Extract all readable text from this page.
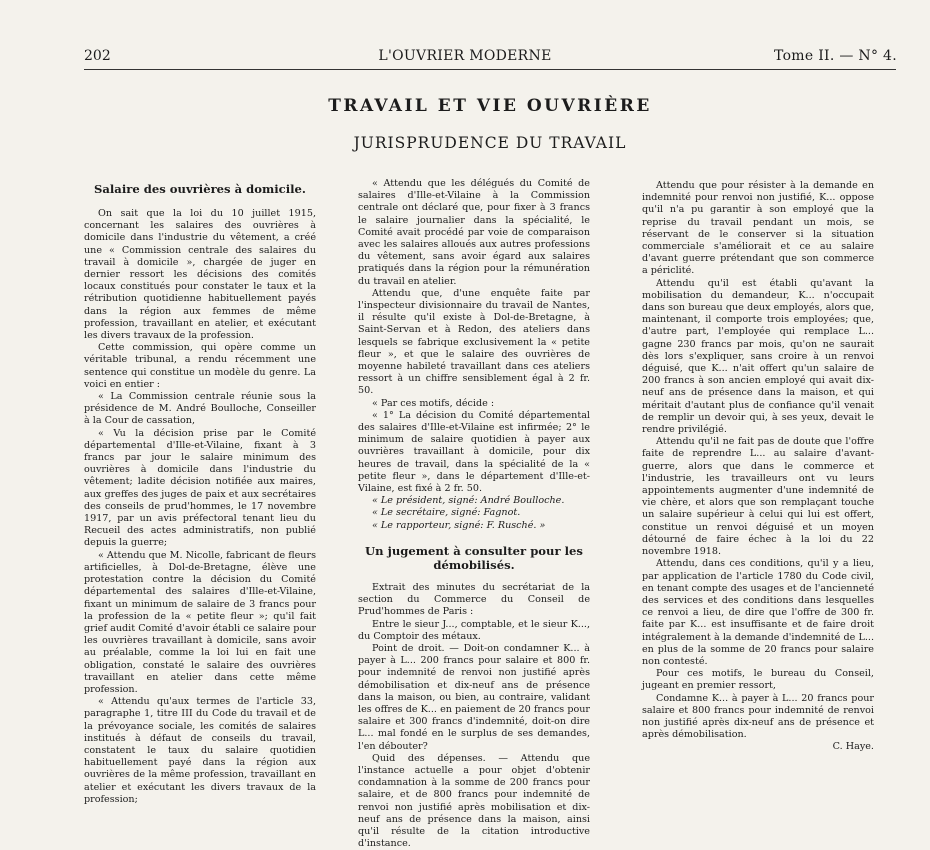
202	L'OUVRIER MODERNE	Tome II. — N° 4.
TRAVAIL ET VIE OUVRIÈRE
JURISPRUDENCE DU TRAVAIL
Salaire des ouvrières à domicile.

On sait que la loi du 10 juillet 1915, concernant les salaires des ouvrières à domicile dans l'industrie du vêtement, a créé une « Commission centrale des salaires du travail à domicile », chargée de juger en dernier ressort les décisions des comités locaux constitués pour constater le taux et la rétribution quotidienne habituellement payés dans la région aux femmes de même profession, travaillant en atelier, et exécutant les divers travaux de la profession.

Cette commission, qui opère comme un véritable tribunal, a rendu récemment une sentence qui constitue un modèle du genre. La voici en entier :

« La Commission centrale réunie sous la présidence de M. André Boulloche, Conseiller à la Cour de cassation,

« Vu la décision prise par le Comité départemental d'Ille-et-Vilaine, fixant à 3 francs par jour le salaire minimum des ouvrières à domicile dans l'industrie du vêtement; ladite décision notifiée aux maires, aux greffes des juges de paix et aux secrétaires des conseils de prud'hommes, le 17 novembre 1917, par un avis préfectoral tenant lieu du Recueil des actes administratifs, non publié depuis la guerre;

« Attendu que M. Nicolle, fabricant de fleurs artificielles, à Dol-de-Bretagne, élève une protestation contre la décision du Comité départemental des salaires d'Ille-et-Vilaine, fixant un minimum de salaire de 3 francs pour la profession de la « petite fleur »; qu'il fait grief audit Comité d'avoir établi ce salaire pour les ouvrières travaillant à domicile, sans avoir au préalable, comme la loi lui en fait une obligation, constaté le salaire des ouvrières travaillant en atelier dans cette même profession.

« Attendu qu'aux termes de l'article 33, paragraphe 1, titre III du Code du travail et de la prévoyance sociale, les comités de salaires institués à défaut de conseils du travail, constatent le taux du salaire quotidien habituellement payé dans la région aux ouvrières de la même profession, travaillant en atelier et exécutant les divers travaux de la profession;

« Attendu que les délégués du Comité de salaires d'Ille-et-Vilaine à la Commission centrale ont déclaré que, pour fixer à 3 francs le salaire journalier dans la spécialité, le Comité avait procédé par voie de comparaison avec les salaires alloués aux autres professions du vêtement, sans avoir égard aux salaires pratiqués dans la région pour la rémunération du travail en atelier.

Attendu que, d'une enquête faite par l'inspecteur divisionnaire du travail de Nantes, il résulte qu'il existe à Dol-de-Bretagne, à Saint-Servan et à Redon, des ateliers dans lesquels se fabrique exclusivement la « petite fleur », et que le salaire des ouvrières de moyenne habileté travaillant dans ces ateliers ressort à un chiffre sensiblement égal à 2 fr. 50.

« Par ces motifs, décide :

« 1° La décision du Comité départemental des salaires d'Ille-et-Vilaine est infirmée; 2° le minimum de salaire quotidien à payer aux ouvrières travaillant à domicile, pour dix heures de travail, dans la spécialité de la « petite fleur », dans le département d'Ille-et-Vilaine, est fixé à 2 fr. 50.

« Le président, signé: André Boulloche.

« Le secrétaire, signé: Fagnot.

« Le rapporteur, signé: F. Rusché. »

Un jugement à consulter pour les démobilisés.

Extrait des minutes du secrétariat de la section du Commerce du Conseil de Prud'hommes de Paris :

Entre le sieur J..., comptable, et le sieur K..., du Comptoir des métaux.

Point de droit. — Doit-on condamner K... à payer à L... 200 francs pour salaire et 800 fr. pour indemnité de renvoi non justifié après démobilisation et dix-neuf ans de présence dans la maison, ou bien, au contraire, validant les offres de K... en paiement de 20 francs pour salaire et 300 francs d'indemnité, doit-on dire L... mal fondé en le surplus de ses demandes, l'en débouter?

Quid des dépenses. — Attendu que l'instance actuelle a pour objet d'obtenir condamnation à la somme de 200 francs pour salaire, et de 800 francs pour indemnité de renvoi non justifié après mobilisation et dix-neuf ans de présence dans la maison, ainsi qu'il résulte de la citation introductive d'instance.

Attendu que pour résister à la demande en indemnité pour renvoi non justifié, K... oppose qu'il n'a pu garantir à son employé que la reprise du travail pendant un mois, se réservant de le conserver si la situation commerciale s'améliorait et ce au salaire d'avant guerre prétendant que son commerce a périclité.

Attendu qu'il est établi qu'avant la mobilisation du demandeur, K... n'occupait dans son bureau que deux employés, alors que, maintenant, il comporte trois employées; que, d'autre part, l'employée qui remplace L... gagne 230 francs par mois, qu'on ne saurait dès lors s'expliquer, sans croire à un renvoi déguisé, que K... n'ait offert qu'un salaire de 200 francs à son ancien employé qui avait dix-neuf ans de présence dans la maison, et qui méritait d'autant plus de confiance qu'il venait de remplir un devoir qui, à ses yeux, devait le rendre privilégié.

Attendu qu'il ne fait pas de doute que l'offre faite de reprendre L... au salaire d'avant-guerre, alors que dans le commerce et l'industrie, les travailleurs ont vu leurs appointements augmenter d'une indemnité de vie chère, et alors que son remplaçant touche un salaire supérieur à celui qui lui est offert, constitue un renvoi déguisé et un moyen détourné de faire échec à la loi du 22 novembre 1918.

Attendu, dans ces conditions, qu'il y a lieu, par application de l'article 1780 du Code civil, en tenant compte des usages et de l'ancienneté des services et des conditions dans lesquelles ce renvoi a lieu, de dire que l'offre de 300 fr. faite par K... est insuffisante et de faire droit intégralement à la demande d'indemnité de L... en plus de la somme de 20 francs pour salaire non contesté.

Pour ces motifs, le bureau du Conseil, jugeant en premier ressort,

Condamne K... à payer à L... 20 francs pour salaire et 800 francs pour indemnité de renvoi non justifié après dix-neuf ans de présence et après démobilisation.

C. Haye.
